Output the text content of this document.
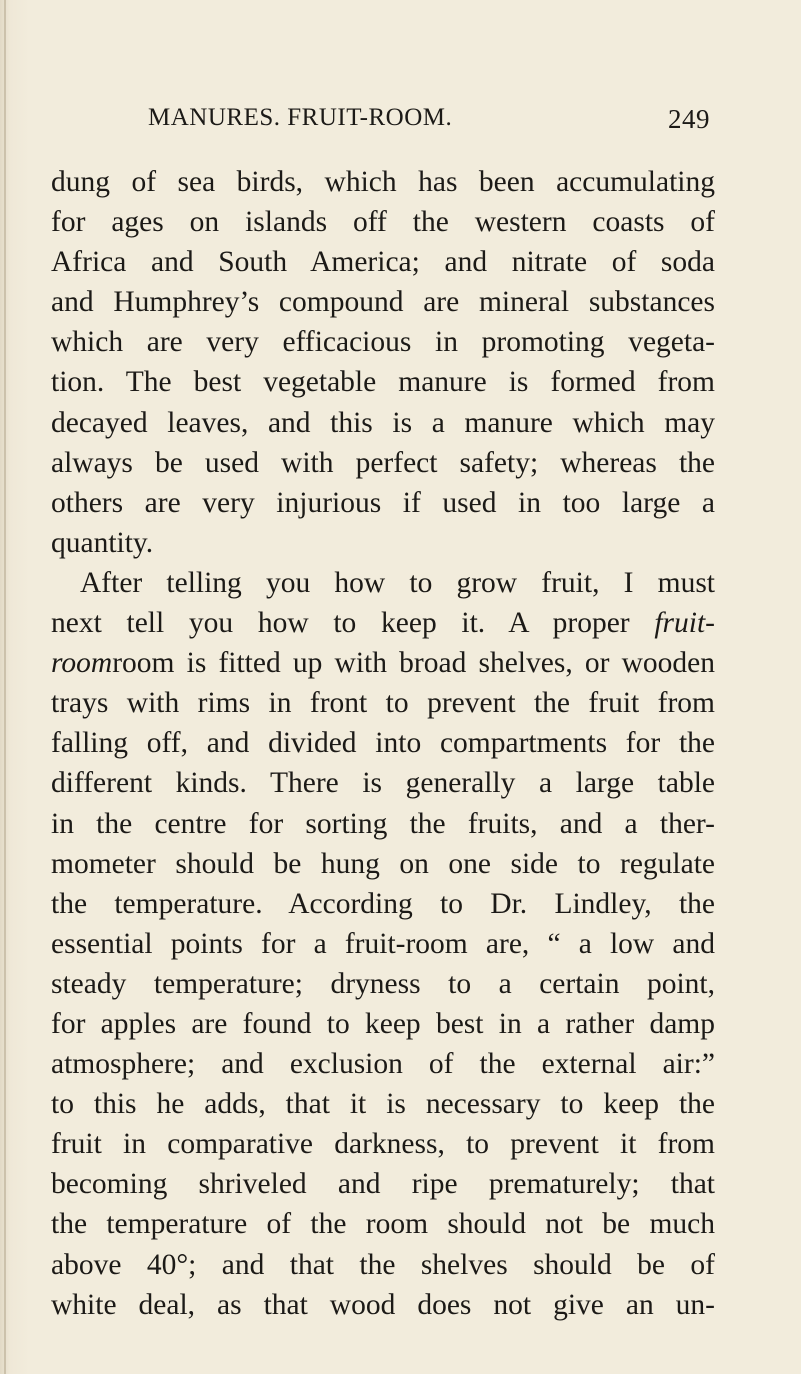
MANURES. FRUIT-ROOM.	249
dung of sea birds, which has been accumulating
for ages on islands off the western coasts of
Africa and South America; and nitrate of soda
and Humphrey’s compound are mineral substances
which are very efficacious in promoting vegeta-
tion. The best vegetable manure is formed from
decayed leaves, and this is a manure which may
always be used with perfect safety; whereas the
others are very injurious if used in too large a
quantity.
After telling you how to grow fruit, I must
next tell you how to keep it. A proper fruit-
roomroom is fitted up with broad shelves, or wooden
trays with rims in front to prevent the fruit from
falling off, and divided into compartments for the
different kinds. There is generally a large table
in the centre for sorting the fruits, and a ther-
mometer should be hung on one side to regulate
the temperature. According to Dr. Lindley, the
essential points for a fruit-room are, “ a low and
steady temperature; dryness to a certain point,
for apples are found to keep best in a rather damp
atmosphere; and exclusion of the external air:”
to this he adds, that it is necessary to keep the
fruit in comparative darkness, to prevent it from
becoming shriveled and ripe prematurely; that
the temperature of the room should not be much
above 40°; and that the shelves should be of
white deal, as that wood does not give an un-
